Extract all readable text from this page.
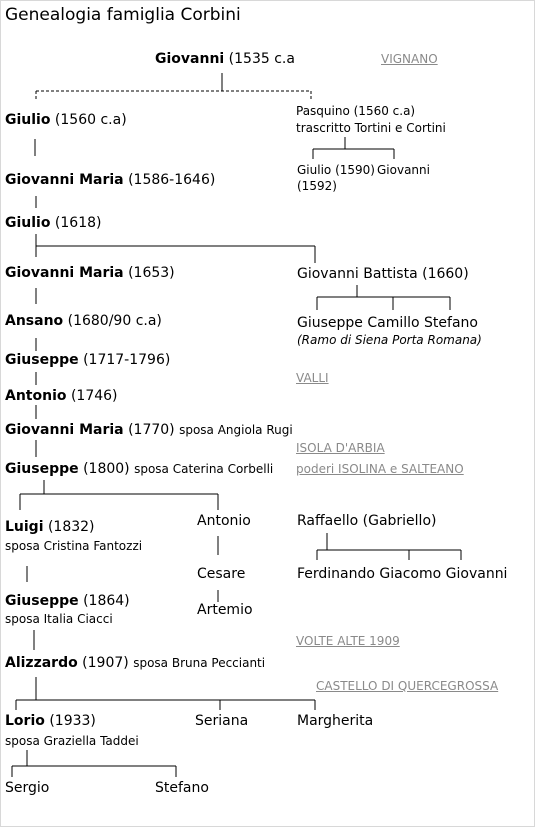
Genealogia famiglia Corbini
Giovanni (1535 c.a	VIGNANO
Giulio (1560 c.a)
Pasquino (1560 c.a)
trascritto Tortini e Cortini
Giulio (1590) Giovanni
(1592)
Giovanni Maria (1586-1646)
Giulio (1618)
Giovanni Maria (1653)	Giovanni Battista (1660)
Giuseppe Camillo Stefano
(Ramo di Siena Porta Romana)
Ansano (1680/90 c.a)
Giuseppe (1717-1796)
VALLI
Antonio (1746)
Giovanni Maria (1770) sposa Angiola Rugi
ISOLA D'ARBIA
Giuseppe (1800) sposa Caterina Corbelli poderi ISOLINA e SALTEANO
Luigi (1832)
sposa Cristina Fantozzi
Antonio
Cesare
Artemio
Raffaello (Gabriello)
Ferdinando Giacomo Giovanni
Giuseppe (1864)
sposa Italia Ciacci
VOLTE ALTE 1909
Alizzardo (1907) sposa Bruna Peccianti
CASTELLO DI QUERCEGROSSA
Lorio (1933)
sposa Graziella Taddei
Seriana	Margherita
Sergio	Stefano
